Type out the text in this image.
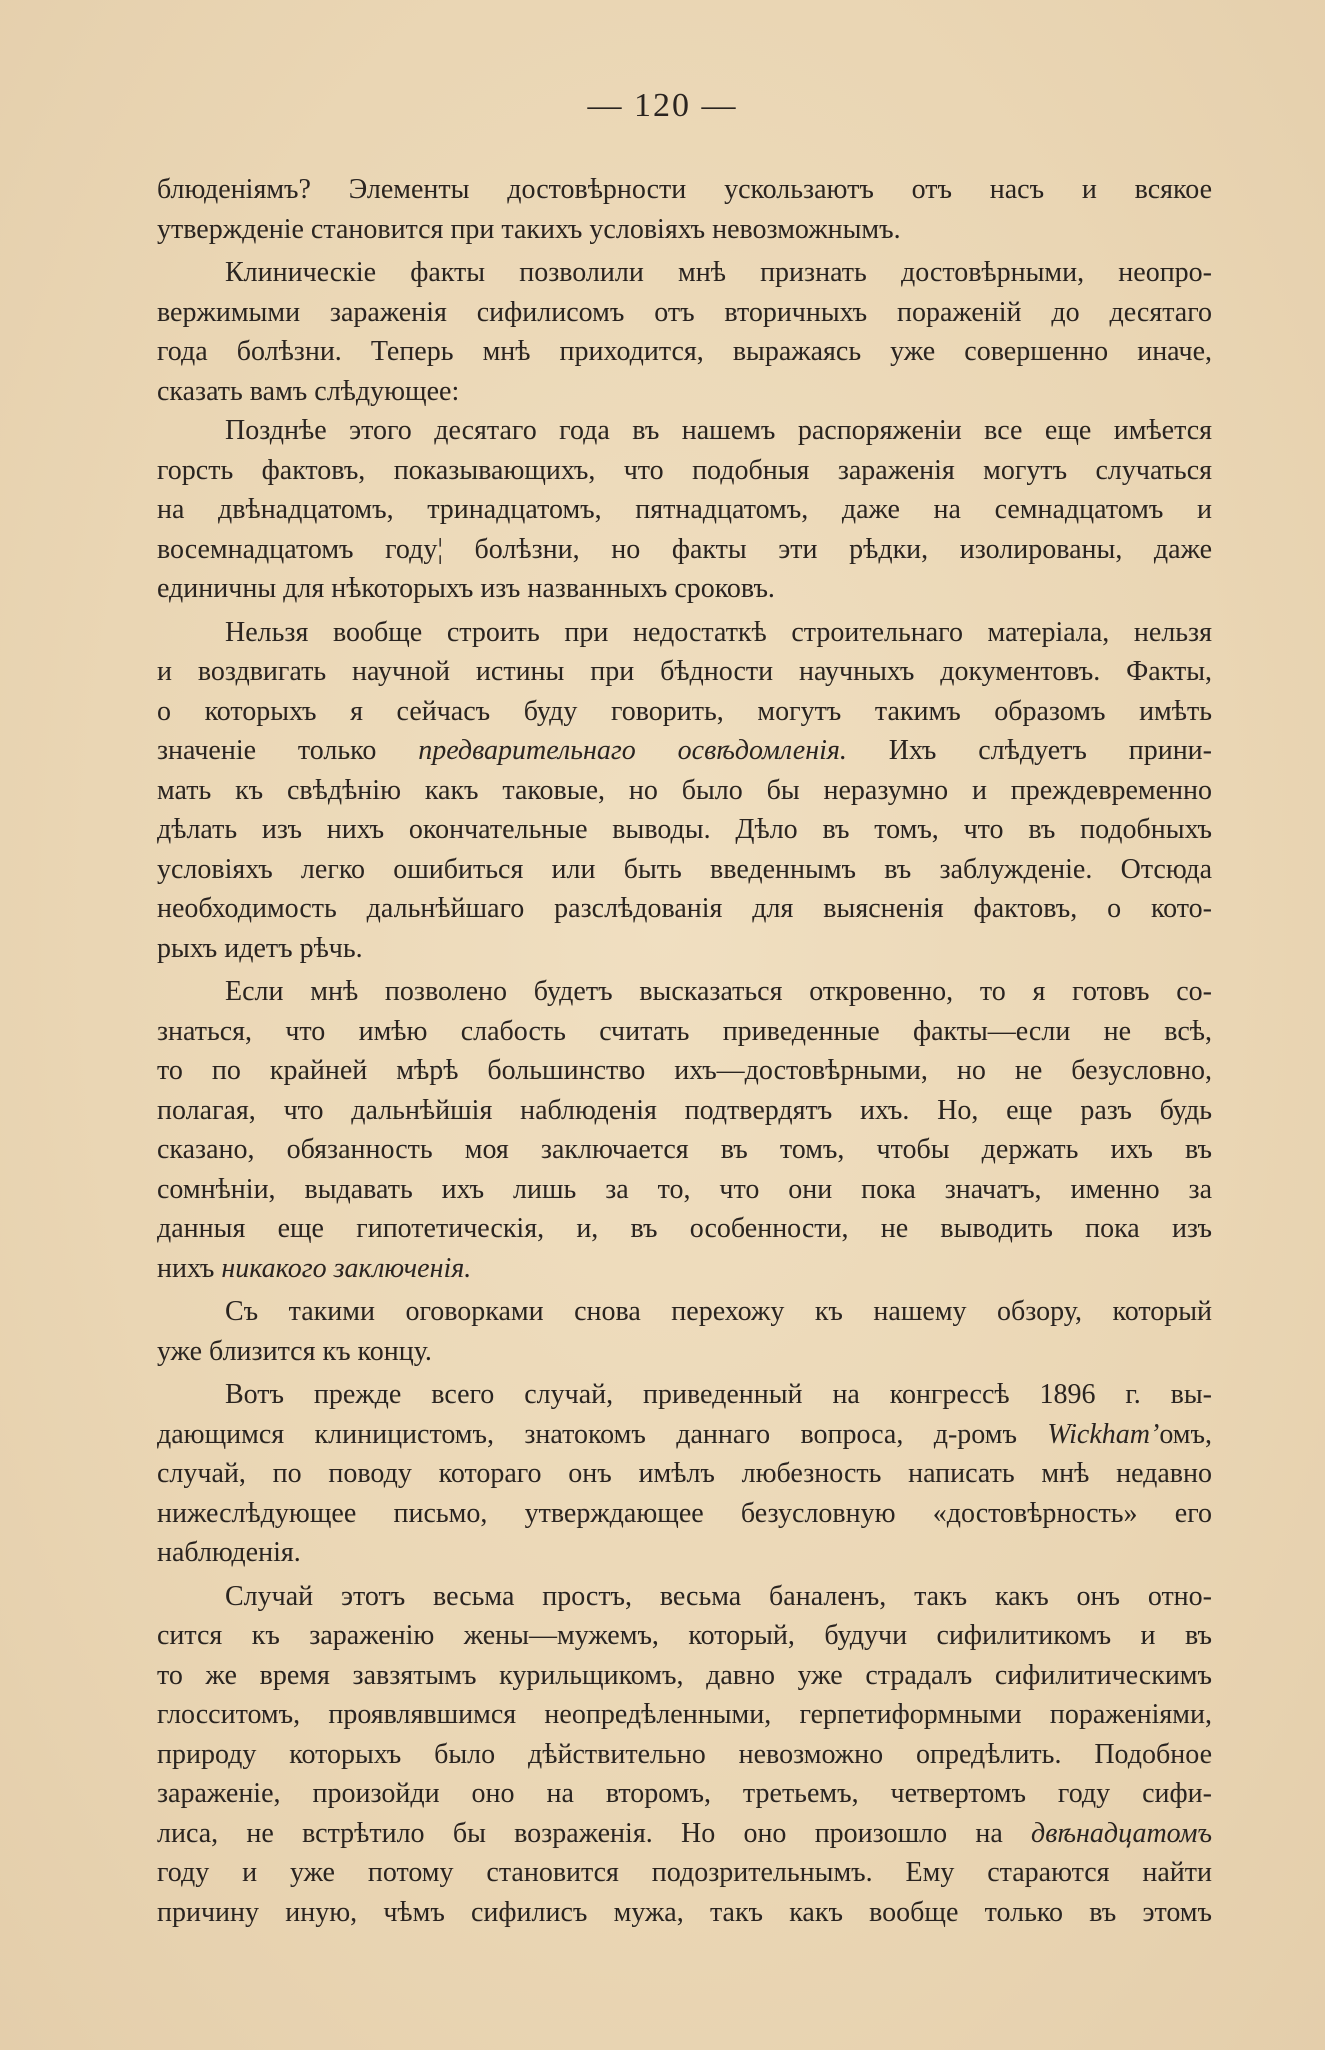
— 120 —
блюденіямъ? Элементы достовѣрности ускользаютъ отъ насъ и всякое
утвержденіе становится при такихъ условіяхъ невозможнымъ.
Клиническіе факты позволили мнѣ признать достовѣрными, неопро-
вержимыми зараженія сифилисомъ отъ вторичныхъ пораженій до десятаго
года болѣзни. Теперь мнѣ приходится, выражаясь уже совершенно иначе,
сказать вамъ слѣдующее:
Позднѣе этого десятаго года въ нашемъ распоряженіи все еще имѣется
горсть фактовъ, показывающихъ, что подобныя зараженія могутъ случаться
на двѣнадцатомъ, тринадцатомъ, пятнадцатомъ, даже на семнадцатомъ и
восемнадцатомъ году¦ болѣзни, но факты эти рѣдки, изолированы, даже
единичны для нѣкоторыхъ изъ названныхъ сроковъ.
Нельзя вообще строить при недостаткѣ строительнаго матеріала, нельзя
и воздвигать научной истины при бѣдности научныхъ документовъ. Факты,
о которыхъ я сейчасъ буду говорить, могутъ такимъ образомъ имѣть
значеніе только предварительнаго освѣдомленія. Ихъ слѣдуетъ прини-
мать къ свѣдѣнію какъ таковые, но было бы неразумно и преждевременно
дѣлать изъ нихъ окончательные выводы. Дѣло въ томъ, что въ подобныхъ
условіяхъ легко ошибиться или быть введеннымъ въ заблужденіе. Отсюда
необходимость дальнѣйшаго разслѣдованія для выясненія фактовъ, о кото-
рыхъ идетъ рѣчь.
Если мнѣ позволено будетъ высказаться откровенно, то я готовъ со-
знаться, что имѣю слабость считать приведенные факты—если не всѣ,
то по крайней мѣрѣ большинство ихъ—достовѣрными, но не безусловно,
полагая, что дальнѣйшія наблюденія подтвердятъ ихъ. Но, еще разъ будь
сказано, обязанность моя заключается въ томъ, чтобы держать ихъ въ
сомнѣніи, выдавать ихъ лишь за то, что они пока значатъ, именно за
данныя еще гипотетическія, и, въ особенности, не выводить пока изъ
нихъ никакого заключенія.
Съ такими оговорками снова перехожу къ нашему обзору, который
уже близится къ концу.
Вотъ прежде всего случай, приведенный на конгрессѣ 1896 г. вы-
дающимся клиницистомъ, знатокомъ даннаго вопроса, д-ромъ Wickham’омъ,
случай, по поводу котораго онъ имѣлъ любезность написать мнѣ недавно
нижеслѣдующее письмо, утверждающее безусловную «достовѣрность» его
наблюденія.
Случай этотъ весьма простъ, весьма баналенъ, такъ какъ онъ отно-
сится къ зараженію жены—мужемъ, который, будучи сифилитикомъ и въ
то же время завзятымъ курильщикомъ, давно уже страдалъ сифилитическимъ
глосситомъ, проявлявшимся неопредѣленными, герпетиформными пораженіями,
природу которыхъ было дѣйствительно невозможно опредѣлить. Подобное
зараженіе, произойди оно на второмъ, третьемъ, четвертомъ году сифи-
лиса, не встрѣтило бы возраженія. Но оно произошло на двѣнадцатомъ
году и уже потому становится подозрительнымъ. Ему стараются найти
причину иную, чѣмъ сифилисъ мужа, такъ какъ вообще только въ этомъ
